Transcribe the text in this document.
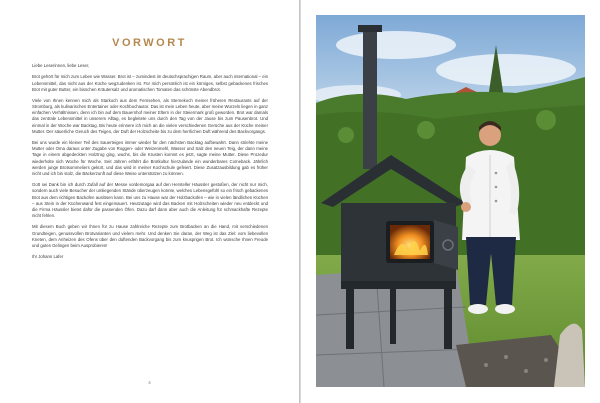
VORWORT

Liebe Leserinnen, liebe Leser,

Brot gehört für mich zum Leben wie Wasser. Brot ist – zumindest im deutschsprachigen Raum, aber auch international – ein Lebensmittel, das nicht aus der Küche wegzudenken ist. Für mich persönlich ist ein körniges, selbst gebackenes frisches Brot mit guter Butter, ein bisschen Kräutersalz und aromatischen Tomaten das schönste Abendbrot.

Viele von Ihnen kennen mich als Starkoch aus dem Fernsehen, als Sternekoch meiner früheren Restaurants auf der Stromburg, als kulinarischen Entertainer oder Kochbuchautor. Das ist mein Leben heute, aber meine Wurzeln liegen in ganz einfachen Verhältnissen, denn ich bin auf dem Bauernhof meiner Eltern in der Steiermark groß geworden. Brot war damals das zentrale Lebensmittel in unserem Alltag, es begleitete uns durch den Tag von der Jause bis zum Pausenbrot. Und einmal in der Woche war Backtag. Bis heute erinnere ich mich an die vielen verschiedenen Gerüche aus der Küche meiner Mutter. Der säuerliche Geruch des Teiges, der Duft der Holzscheite bis zu dem herrlichen Duft während des Backvorgangs.

Bei uns wurde ein kleiner Teil des Sauerteiges immer wieder für den nächsten Backtag aufbewahrt. Dann striehte meine Mutter oder Oma daraus unter Zugabe von Roggen- oder Weizenmehl, Wasser und Salz den neuen Teig, der dann meine Tage in einem abgedeckten Holztrog ging, wuchs, bis die Krusten kommt es jetzt, sagte meine Mutter. Diese Prozedur wiederholte sich Woche für Woche. Seit Jahren erfährt die Brotkultur hierzulande ein wunderbares Comeback. Jährlich werden junge Brotsommeliers gekürt, und das wird in meiner Kochschule gefeiert. Diese Zusatzausbildung gab es früher nicht und ich bin stolz, die Bäckerzunft auf diese Weise unterstützen zu können.

Gott sei Dank bin ich durch Zufall auf der Messe vordemorgaa auf den Hersteller Häussler gestoßen, der nicht nur mich, sondern auch viele Besucher der umliegenden Stände überzeugen konnte, welches Lebensgefühl so ein frisch gebackenes Brot aus dem richtigen Backofen auslösen kann. Bei uns zu Hause war der Holzbackofen – wie in vielen ländlichen Küchen – aus Stein in der Küchenwand fest eingemauert. Heutzutage wird das Backen mit Holzscheiten wieder neu entdeckt und die Firma Häussler bietet dafür die passenden Öfen. Dazu darf dann aber auch die Anleitung für schmackhafte Rezepte nicht fehlen.

Mit diesem Buch geben wir Ihnen für zu Hause zahlreiche Rezepte zum Brotbacken an die Hand, mit verschiedenen Grundteigen, genussvollen Brotvarianten und vielem mehr. Und denken Sie daran, der Weg ist das Ziel: vom liebevollen Kneten, dem Anheizen des Ofens über den duftenden Backvorgang bis zum knusprigen Brot. Ich wünsche Ihnen Freude und gutes Gelingen beim Ausprobieren!

Ihr Johann Lafer

4
